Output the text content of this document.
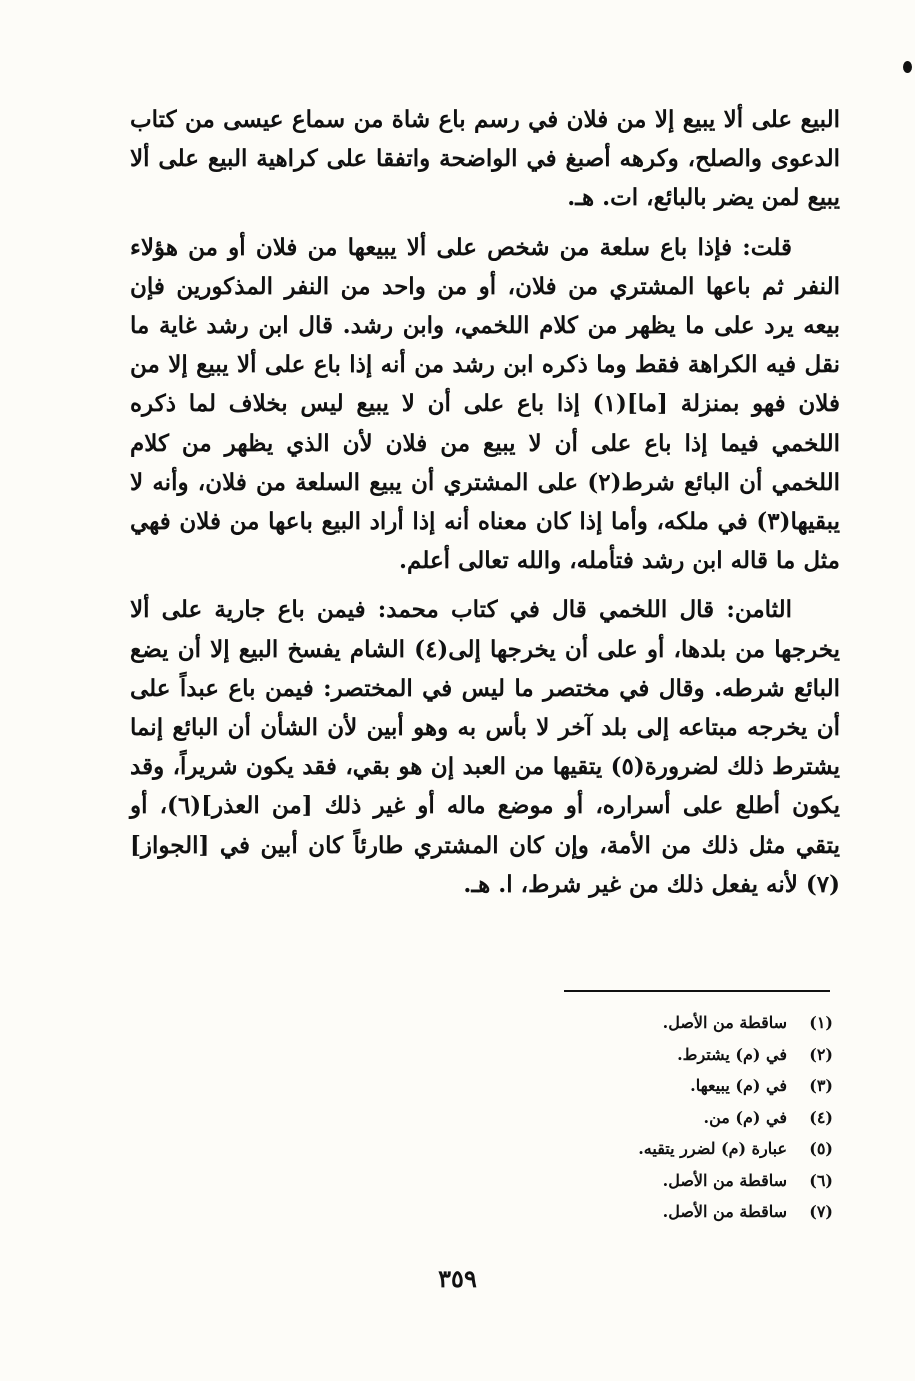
البيع على ألا يبيع إلا من فلان في رسم باع شاة من سماع عيسى من كتاب الدعوى والصلح، وكرهه أصبغ في الواضحة واتفقا على كراهية البيع على ألا يبيع لمن يضر بالبائع، ات. هـ.

قلت: فإذا باع سلعة من شخص على ألا يبيعها من فلان أو من هؤلاء النفر ثم باعها المشتري من فلان، أو من واحد من النفر المذكورين فإن بيعه يرد على ما يظهر من كلام اللخمي، وابن رشد. قال ابن رشد غاية ما نقل فيه الكراهة فقط وما ذكره ابن رشد من أنه إذا باع على ألا يبيع إلا من فلان فهو بمنزلة [ما](١) إذا باع على أن لا يبيع ليس بخلاف لما ذكره اللخمي فيما إذا باع على أن لا يبيع من فلان لأن الذي يظهر من كلام اللخمي أن البائع شرط(٢) على المشتري أن يبيع السلعة من فلان، وأنه لا يبقيها(٣) في ملكه، وأما إذا كان معناه أنه إذا أراد البيع باعها من فلان فهي مثل ما قاله ابن رشد فتأمله، والله تعالى أعلم.

الثامن: قال اللخمي قال في كتاب محمد: فيمن باع جارية على ألا يخرجها من بلدها، أو على أن يخرجها إلى(٤) الشام يفسخ البيع إلا أن يضع البائع شرطه. وقال في مختصر ما ليس في المختصر: فيمن باع عبداً على أن يخرجه مبتاعه إلى بلد آخر لا بأس به وهو أبين لأن الشأن أن البائع إنما يشترط ذلك لضرورة(٥) يتقيها من العبد إن هو بقي، فقد يكون شريراً، وقد يكون أطلع على أسراره، أو موضع ماله أو غير ذلك [من العذر](٦)، أو يتقي مثل ذلك من الأمة، وإن كان المشتري طارئاً كان أبين في [الجواز](٧) لأنه يفعل ذلك من غير شرط، ا. هـ.

(١)ساقطة من الأصل.
(٢)في (م) يشترط.
(٣)في (م) يبيعها.
(٤)في (م) من.
(٥)عبارة (م) لضرر يتقيه.
(٦)ساقطة من الأصل.
(٧)ساقطة من الأصل.
٣٥٩
